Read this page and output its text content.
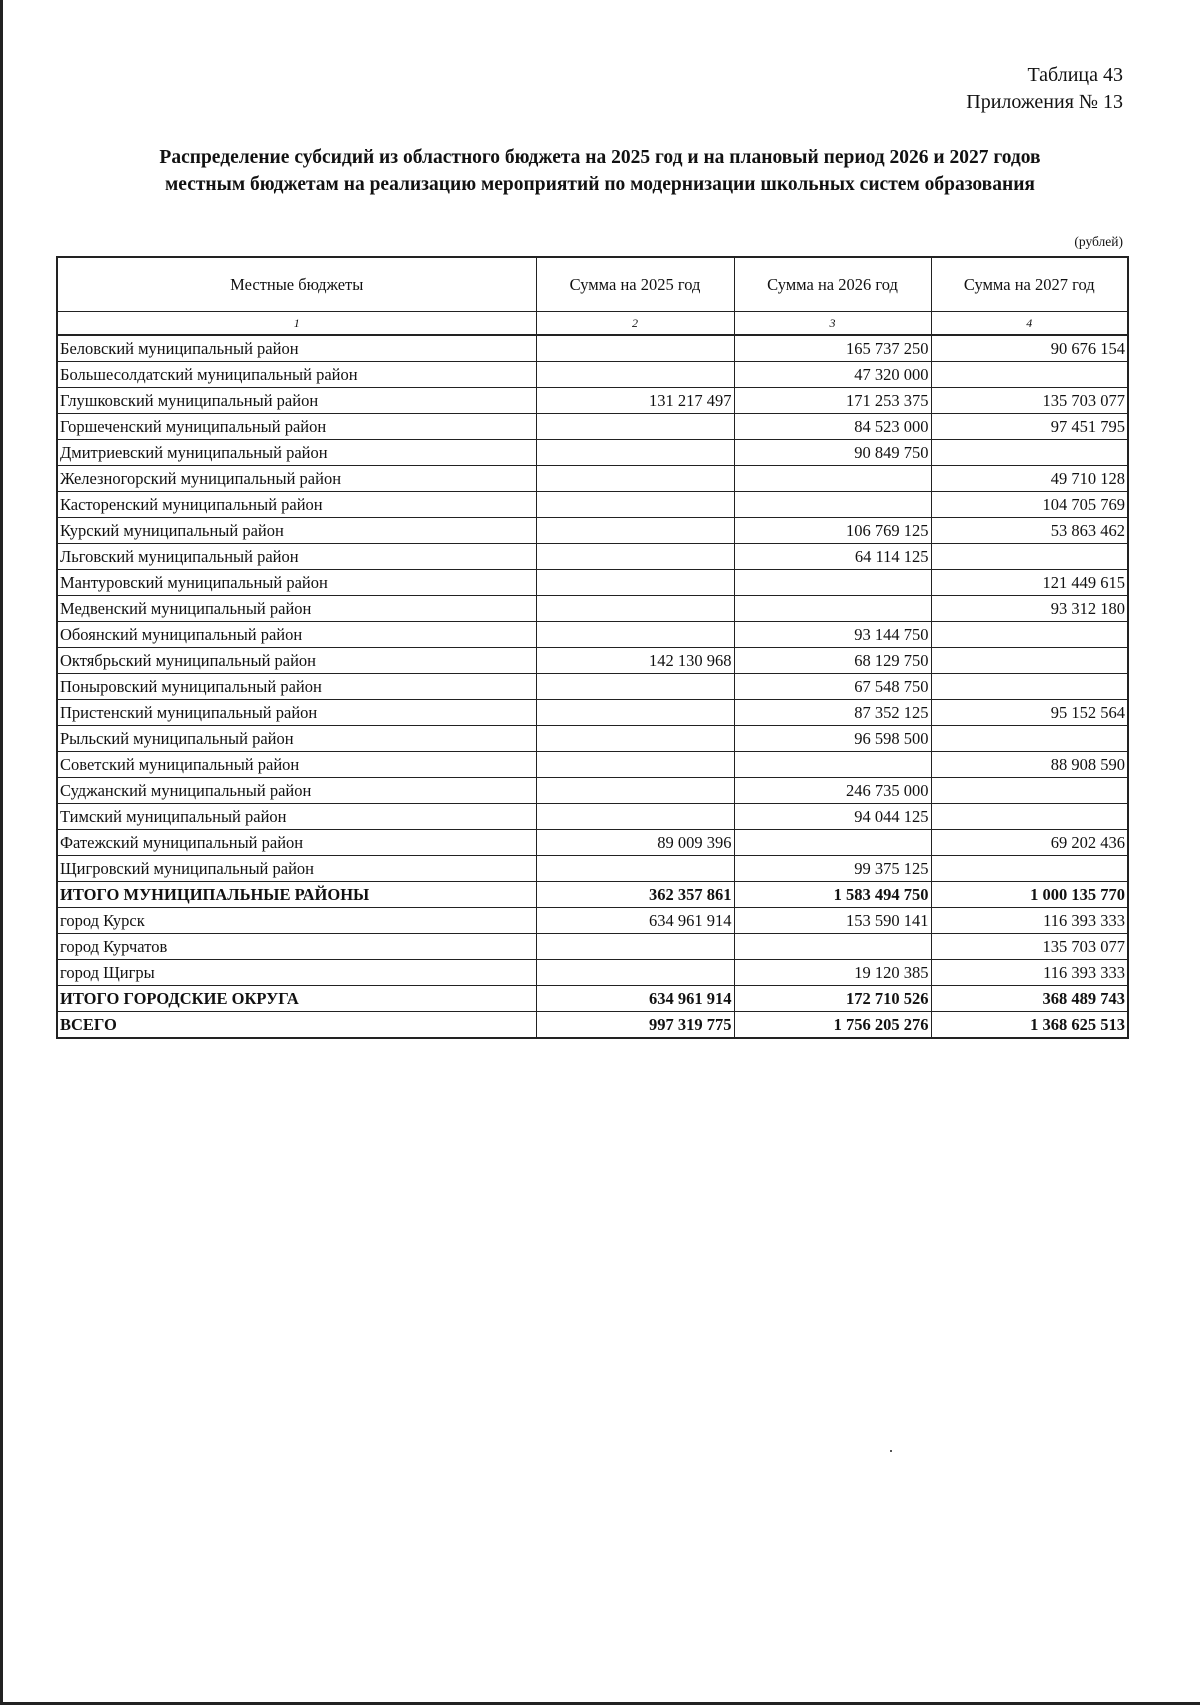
Таблица 43
Приложения № 13
Распределение субсидий из областного бюджета на 2025 год и на плановый период 2026 и 2027 годов
местным бюджетам на реализацию мероприятий по модернизации школьных систем образования
(рублей)
Местные бюджеты	Сумма на 2025 год	Сумма на 2026 год	Сумма на 2027 год
1	2	3	4
Беловский муниципальный район		165 737 250	90 676 154
Большесолдатский муниципальный район		47 320 000	
Глушковский муниципальный район	131 217 497	171 253 375	135 703 077
Горшеченский муниципальный район		84 523 000	97 451 795
Дмитриевский муниципальный район		90 849 750	
Железногорский муниципальный район			49 710 128
Касторенский муниципальный район			104 705 769
Курский муниципальный район		106 769 125	53 863 462
Льговский муниципальный район		64 114 125	
Мантуровский муниципальный район			121 449 615
Медвенский муниципальный район			93 312 180
Обоянский муниципальный район		93 144 750	
Октябрьский муниципальный район	142 130 968	68 129 750	
Поныровский муниципальный район		67 548 750	
Пристенский муниципальный район		87 352 125	95 152 564
Рыльский муниципальный район		96 598 500	
Советский муниципальный район			88 908 590
Суджанский муниципальный район		246 735 000	
Тимский муниципальный район		94 044 125	
Фатежский муниципальный район	89 009 396		69 202 436
Щигровский муниципальный район		99 375 125	
ИТОГО МУНИЦИПАЛЬНЫЕ РАЙОНЫ	362 357 861	1 583 494 750	1 000 135 770
город Курск	634 961 914	153 590 141	116 393 333
город Курчатов			135 703 077
город Щигры		19 120 385	116 393 333
ИТОГО ГОРОДСКИЕ ОКРУГА	634 961 914	172 710 526	368 489 743
ВСЕГО	997 319 775	1 756 205 276	1 368 625 513
